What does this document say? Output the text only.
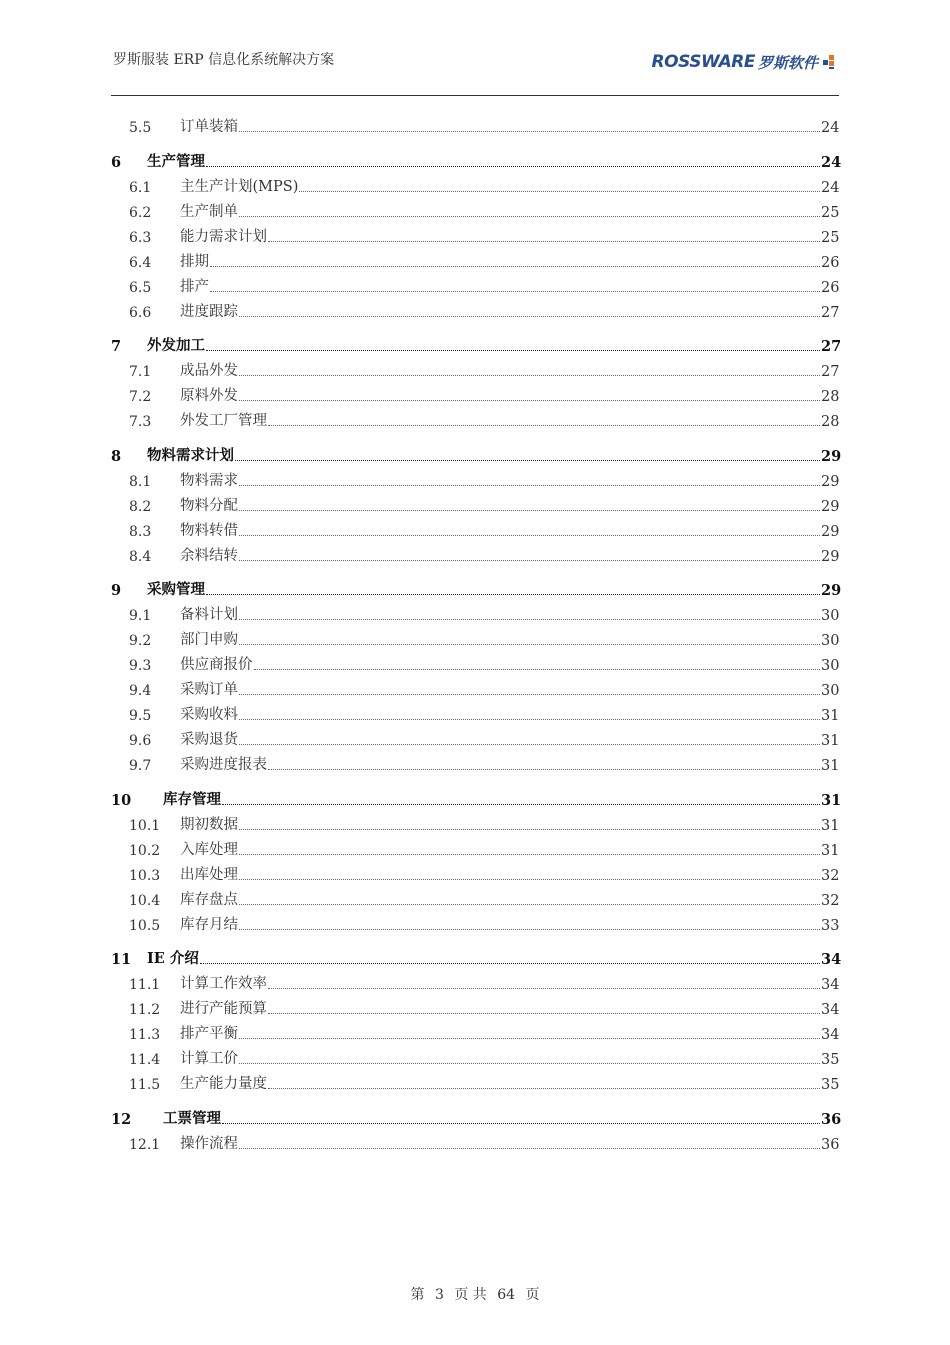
罗斯服装 ERP 信息化系统解决方案	ROSSWARE 罗斯软件
5.5	订单装箱	24
6	生产管理	24
6.1	主生产计划(MPS)	24
6.2	生产制单	25
6.3	能力需求计划	25
6.4	排期	26
6.5	排产	26
6.6	进度跟踪	27
7	外发加工	27
7.1	成品外发	27
7.2	原料外发	28
7.3	外发工厂管理	28
8	物料需求计划	29
8.1	物料需求	29
8.2	物料分配	29
8.3	物料转借	29
8.4	余料结转	29
9	采购管理	29
9.1	备料计划	30
9.2	部门申购	30
9.3	供应商报价	30
9.4	采购订单	30
9.5	采购收料	31
9.6	采购退货	31
9.7	采购进度报表	31
10	库存管理	31
10.1	期初数据	31
10.2	入库处理	31
10.3	出库处理	32
10.4	库存盘点	32
10.5	库存月结	33
11	IE 介绍	34
11.1	计算工作效率	34
11.2	进行产能预算	34
11.3	排产平衡	34
11.4	计算工价	35
11.5	生产能力量度	35
12	工票管理	36
12.1	操作流程	36
第 3 页 共 64 页
